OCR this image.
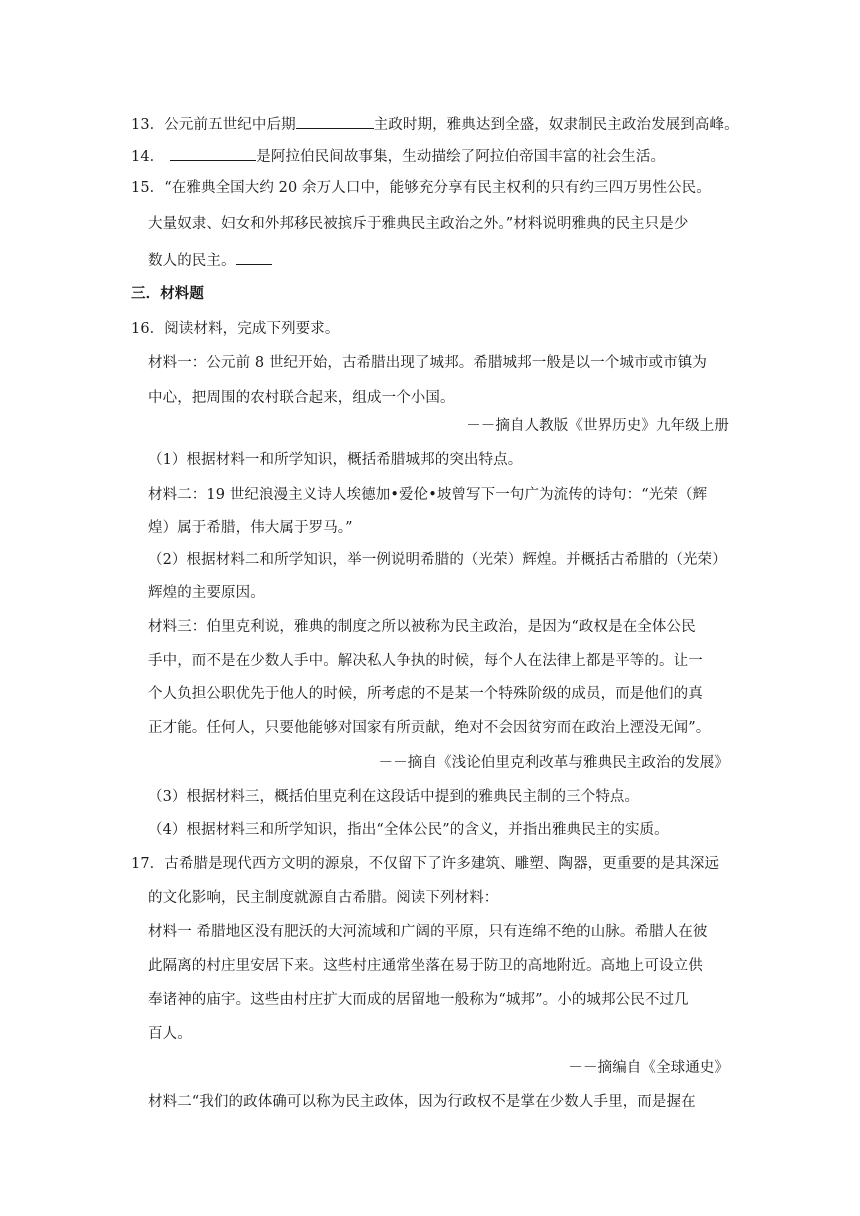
13．公元前五世纪中后期	主政时期，雅典达到全盛，奴隶制民主政治发展到高峰。
14．	是阿拉伯民间故事集，生动描绘了阿拉伯帝国丰富的社会生活。
15．“在雅典全国大约 20 余万人口中，能够充分享有民主权利的只有约三四万男性公民。
大量奴隶、妇女和外邦移民被摈斥于雅典民主政治之外。”材料说明雅典的民主只是少
数人的民主。
三．材料题
16．阅读材料，完成下列要求。
材料一：公元前 8 世纪开始，古希腊出现了城邦。希腊城邦一般是以一个城市或市镇为
中心，把周围的农村联合起来，组成一个小国。
－－摘自人教版《世界历史》九年级上册
（1）根据材料一和所学知识，概括希腊城邦的突出特点。
材料二：19 世纪浪漫主义诗人埃德加•爱伦•坡曾写下一句广为流传的诗句：“光荣（辉
煌）属于希腊，伟大属于罗马。”
（2）根据材料二和所学知识，举一例说明希腊的（光荣）辉煌。并概括古希腊的（光荣）
辉煌的主要原因。
材料三：伯里克利说，雅典的制度之所以被称为民主政治，是因为“政权是在全体公民
手中，而不是在少数人手中。解决私人争执的时候，每个人在法律上都是平等的。让一
个人负担公职优先于他人的时候，所考虑的不是某一个特殊阶级的成员，而是他们的真
正才能。任何人，只要他能够对国家有所贡献，绝对不会因贫穷而在政治上湮没无闻”。
－－摘自《浅论伯里克利改革与雅典民主政治的发展》
（3）根据材料三，概括伯里克利在这段话中提到的雅典民主制的三个特点。
（4）根据材料三和所学知识，指出“全体公民”的含义，并指出雅典民主的实质。
17．古希腊是现代西方文明的源泉，不仅留下了许多建筑、雕塑、陶器，更重要的是其深远
的文化影响，民主制度就源自古希腊。阅读下列材料：
材料一 希腊地区没有肥沃的大河流域和广阔的平原，只有连绵不绝的山脉。希腊人在彼
此隔离的村庄里安居下来。这些村庄通常坐落在易于防卫的高地附近。高地上可设立供
奉诸神的庙宇。这些由村庄扩大而成的居留地一般称为“城邦”。小的城邦公民不过几
百人。
－－摘编自《全球通史》
材料二“我们的政体确可以称为民主政体，因为行政权不是掌在少数人手里，而是握在
